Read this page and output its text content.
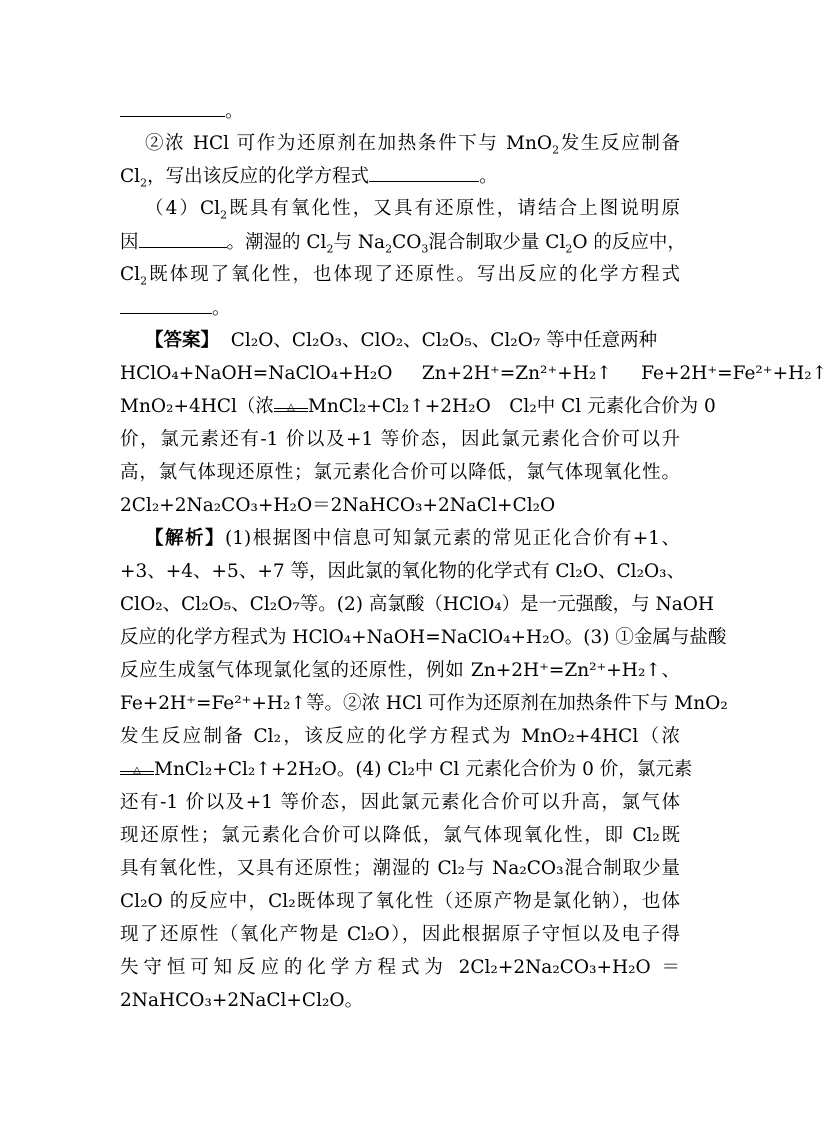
。
②浓 HCl 可作为还原剂在加热条件下与 MnO$_2$发生反应制备
$Cl_2$，写出该反应的化学方程式	。
$(4)Cl_2$既具有氧化性，又具有还原性，请结合上图说明原
因	。潮湿的 $Cl_2$与 $Na_2CO_3$混合制取少量 $Cl_2O$ 的反应中，
$Cl_2$既体现了氧化性，也体现了还原性。写出反应的化学方程式
。
【答案】 Cl₂O、Cl₂O₃、ClO₂、Cl₂O₅、Cl₂O₇ 等中任意两种
HClO₄+NaOH=NaClO₄+H₂O Zn+2H⁺=Zn²⁺+H₂↑ Fe+2H⁺=Fe²⁺+H₂↑
MnO₂+4HCl（浓 △ MnCl₂+Cl₂↑+2H₂O　Cl₂中 Cl 元素化合价为 0
价，氯元素还有-1 价以及+1 等价态，因此氯元素化合价可以升
高，氯气体现还原性；氯元素化合价可以降低，氯气体现氧化性。
2Cl₂+2Na₂CO₃+H₂O＝2NaHCO₃+2NaCl+Cl₂O
【解析】(1)根据图中信息可知氯元素的常见正化合价有+1、
+3、+4、+5、+7 等，因此氯的氧化物的化学式有 Cl₂O、Cl₂O₃、
ClO₂、Cl₂O₅、Cl₂O₇等。(2) 高氯酸（HClO₄）是一元强酸，与 NaOH
反应的化学方程式为 HClO₄+NaOH=NaClO₄+H₂O。(3) ①金属与盐酸
反应生成氢气体现氯化氢的还原性，例如 Zn+2H⁺=Zn²⁺+H₂↑、
Fe+2H⁺=Fe²⁺+H₂↑等。②浓 HCl 可作为还原剂在加热条件下与 MnO₂
发生反应制备 Cl₂，该反应的化学方程式为 MnO₂+4HCl（浓
△ MnCl₂+Cl₂↑+2H₂O。(4) Cl₂中 Cl 元素化合价为 0 价，氯元素
还有-1 价以及+1 等价态，因此氯元素化合价可以升高，氯气体
现还原性；氯元素化合价可以降低，氯气体现氧化性，即 Cl₂既
具有氧化性，又具有还原性；潮湿的 Cl₂与 Na₂CO₃混合制取少量
Cl₂O 的反应中，Cl₂既体现了氧化性（还原产物是氯化钠），也体
现了还原性（氧化产物是 Cl₂O），因此根据原子守恒以及电子得
失守恒可知反应的化学方程式为 2Cl₂+2Na₂CO₃+H₂O ＝
2NaHCO₃+2NaCl+Cl₂O。
